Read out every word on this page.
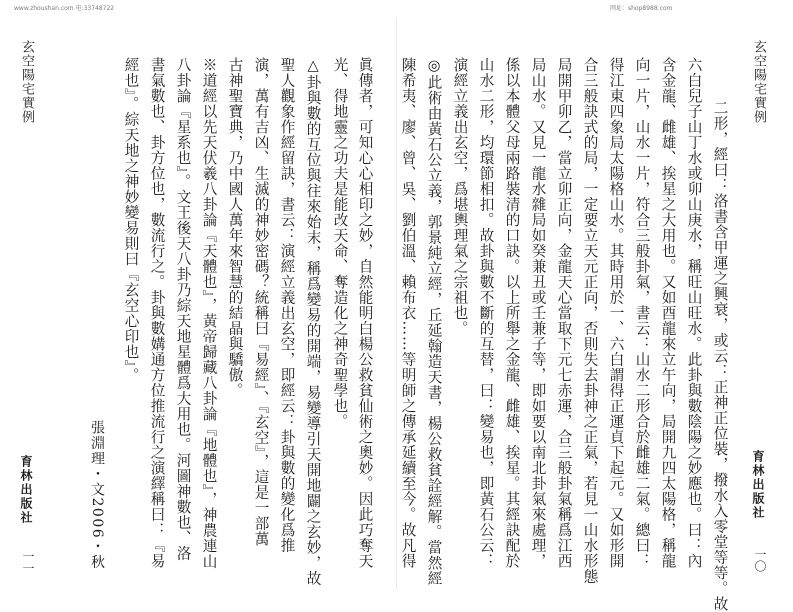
www.zhoushan.com 电:33748722	网址：shop8988.com
玄空陽宅實例
育林出版社
一一	眞傳者，可知心心相印之妙，自然能明白楊公救貧仙術之奧妙。因此巧奪天
光、得地靈之功夫是能改天命、奪造化之神奇聖學也。
△卦與數的互位與往來始末，稱爲變易的開端，易變導引天開地闢之玄妙，故
聖人觀象作經留訣，書云：演經立義出玄空，即經云：卦與數的變化爲推
演，萬有吉凶、生滅的神妙密碼？統稱曰『易經』、『玄空』，這是一部萬
古神聖寶典，乃中國人萬年來智慧的結晶與驕傲。
※道經以先天伏羲八卦論『天體也』，黃帝歸藏八卦論『地體也』，神農連山
八卦論『星系也』。文王後天八卦乃綜天地星體爲大用也。河圖神數也、洛
書氣數也、卦方位也，數流行之。卦與數媾通方位推流行之演繹稱曰：『易
經也』。綜天地之神妙變易則曰『玄空心印也』。
張淵理・文2006・秋
玄空陽宅實例
育林出版社
一〇
二形，經曰：洛書含甲運之興衰，或云：正神正位裝，撥水入零堂等等。故
六白兒子山丁水或卯山庚水，稱旺山旺水。此卦與數陰陽之妙應也。曰：內
含金龍、雌雄、挨星之大用也。又如酉龍來立午向，局開九四太陽格，稱龍
向一片，山水一片，符合三般卦氣，書云：山水二形合於雌雄二氣。總曰：
得江東四象局太陽格山水。其時用於一、六白謂得正運貞下起元。又如形開
合三般訣式的局，一定要立天元正向，否則失去卦神之正氣，若見一山水形態
局開甲卯乙，當立卯正向，金龍天心當取下元七赤運，合三般卦氣稱爲江西
局山水。又見一龍水雜局如癸兼丑或壬兼子等，即如要以南北卦氣來處理，
係以本體父母兩路裝清的口訣。以上所舉之金龍、雌雄、挨星。其經訣配於
山水二形，均環節相扣。故卦與數不斷的互替，曰：變易也，即黃石公云：
演經立義出玄空，爲堪輿理氣之宗祖也。
◎此術由黃石公立義，郭景純立經，丘延翰造天書，楊公救貧詮經解。當然經
陳希夷、廖、曾、吳、劉伯溫、賴布衣……等明師之傳承延續至今。故凡得
